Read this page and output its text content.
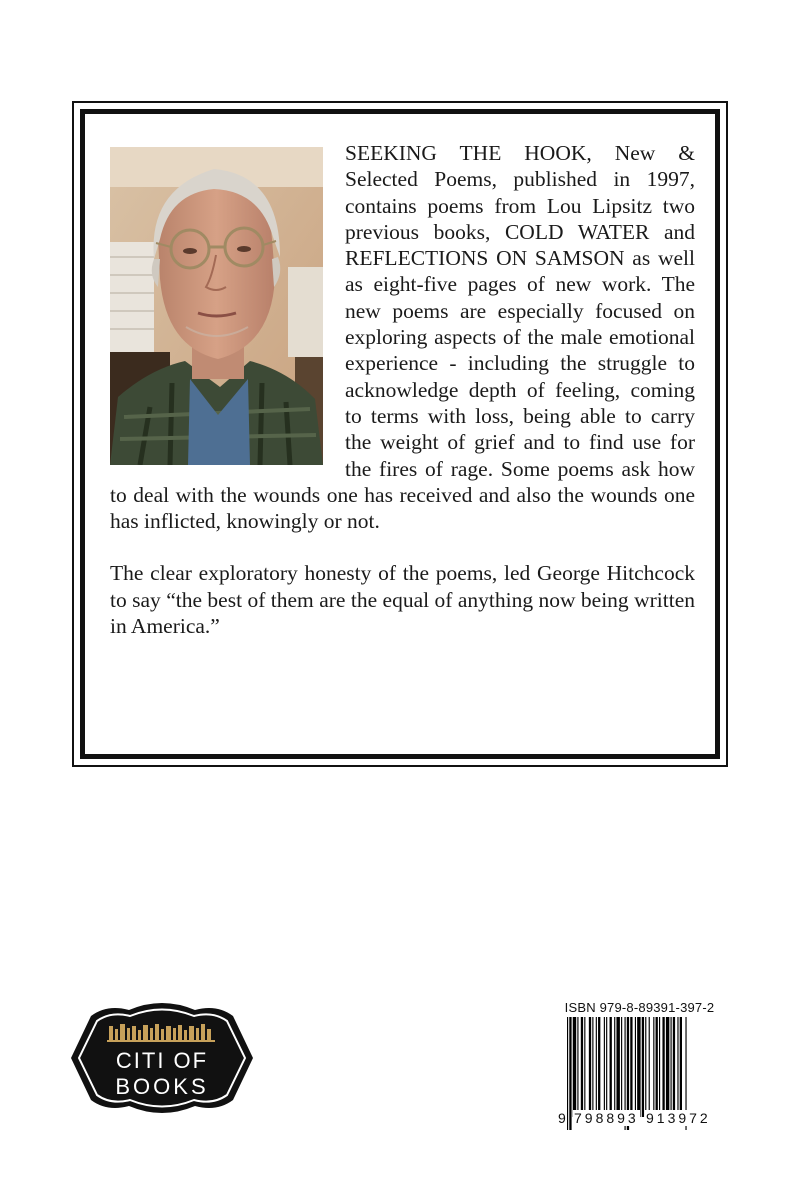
SEEKING THE HOOK, New & Selected Poems, published in 1997, contains poems from Lou Lipsitz two previous books, COLD WATER and REFLECTIONS ON SAMSON as well as eight-five pages of new work. The new poems are especially focused on exploring aspects of the male emotional experience - including the struggle to acknowledge depth of feeling, coming to terms with loss, being able to carry the weight of grief and to find use for the fires of rage. Some poems ask how to deal with the wounds one has received and also the wounds one has inflicted, knowingly or not.

The clear exploratory honesty of the poems, led George Hitchcock to say “the best of them are the equal of anything now being written in America.”

CITI OF
BOOKS
ISBN 979-8-89391-397-2
9 798893 913972
